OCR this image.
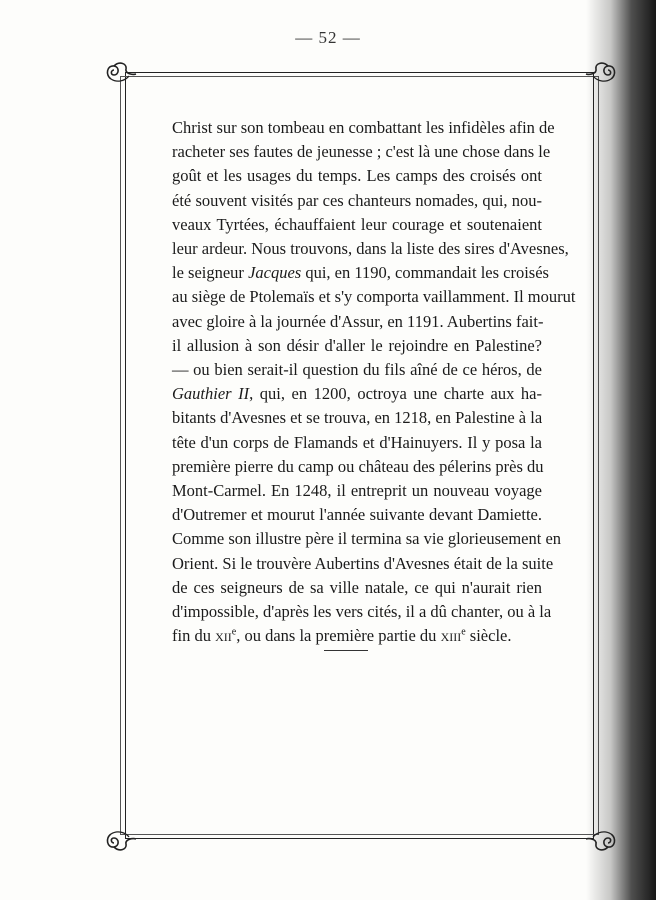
— 52 —
Christ sur son tombeau en combattant les infidèles afin de
racheter ses fautes de jeunesse ; c'est là une chose dans le
goût et les usages du temps. Les camps des croisés ont
été souvent visités par ces chanteurs nomades, qui, nou-
veaux Tyrtées, échauffaient leur courage et soutenaient
leur ardeur. Nous trouvons, dans la liste des sires d'Avesnes,
le seigneur Jacques qui, en 1190, commandait les croisés
au siège de Ptolemaïs et s'y comporta vaillamment. Il mourut
avec gloire à la journée d'Assur, en 1191. Aubertins fait-
il allusion à son désir d'aller le rejoindre en Palestine?
— ou bien serait-il question du fils aîné de ce héros, de
Gauthier II, qui, en 1200, octroya une charte aux ha-
bitants d'Avesnes et se trouva, en 1218, en Palestine à la
tête d'un corps de Flamands et d'Hainuyers. Il y posa la
première pierre du camp ou château des pélerins près du
Mont-Carmel. En 1248, il entreprit un nouveau voyage
d'Outremer et mourut l'année suivante devant Damiette.
Comme son illustre père il termina sa vie glorieusement en
Orient. Si le trouvère Aubertins d'Avesnes était de la suite
de ces seigneurs de sa ville natale, ce qui n'aurait rien
d'impossible, d'après les vers cités, il a dû chanter, ou à la
fin du xii$^e$, ou dans la première partie du xiii$^e$ siècle.
